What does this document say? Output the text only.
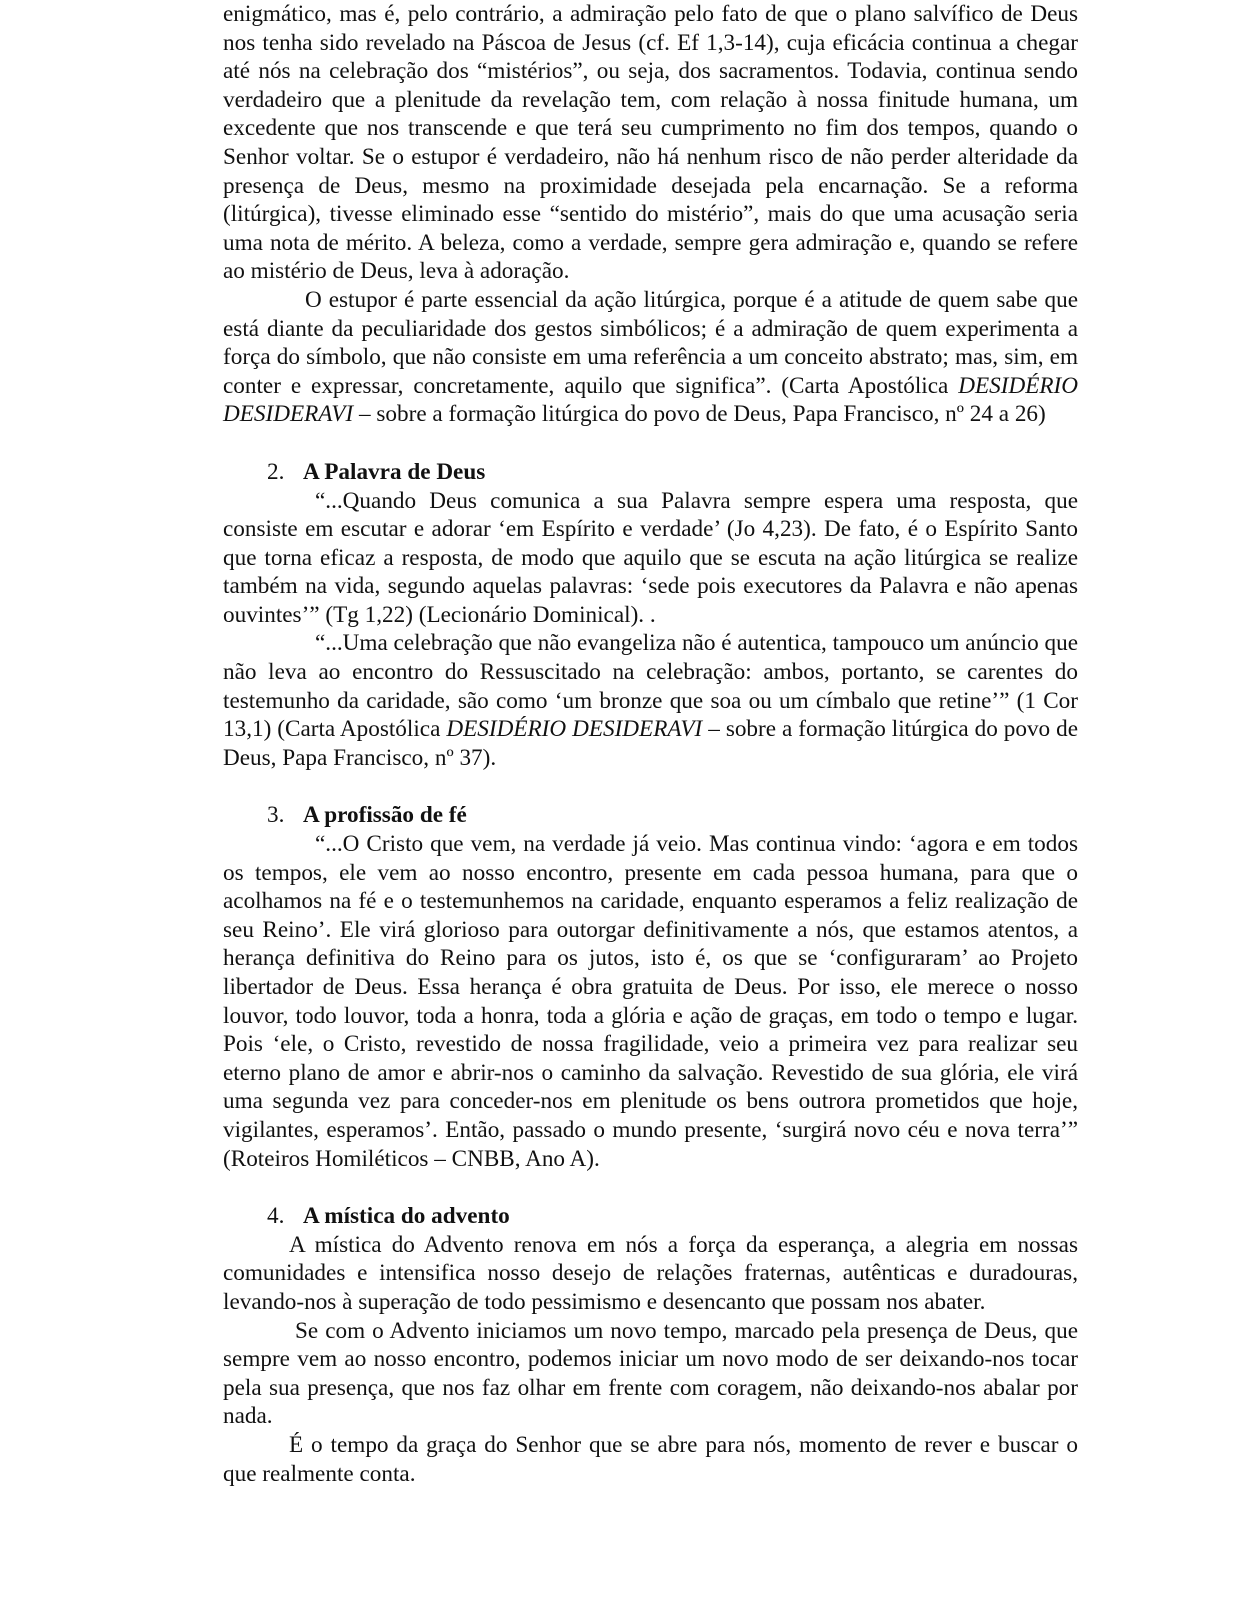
enigmático, mas é, pelo contrário, a admiração pelo fato de que o plano salvífico de Deus nos tenha sido revelado na Páscoa de Jesus (cf. Ef 1,3-14), cuja eficácia continua a chegar até nós na celebração dos “mistérios”, ou seja, dos sacramentos. Todavia, continua sendo verdadeiro que a plenitude da revelação tem, com relação à nossa finitude humana, um excedente que nos transcende e que terá seu cumprimento no fim dos tempos, quando o Senhor voltar. Se o estupor é verdadeiro, não há nenhum risco de não perder alteridade da presença de Deus, mesmo na proximidade desejada pela encarnação. Se a reforma (litúrgica), tivesse eliminado esse “sentido do mistério”, mais do que uma acusação seria uma nota de mérito. A beleza, como a verdade, sempre gera admiração e, quando se refere ao mistério de Deus, leva à adoração.

O estupor é parte essencial da ação litúrgica, porque é a atitude de quem sabe que está diante da peculiaridade dos gestos simbólicos; é a admiração de quem experimenta a força do símbolo, que não consiste em uma referência a um conceito abstrato; mas, sim, em conter e expressar, concretamente, aquilo que significa”. (Carta Apostólica DESIDÉRIO DESIDERAVI – sobre a formação litúrgica do povo de Deus, Papa Francisco, nº 24 a 26)

2. A Palavra de Deus

“...Quando Deus comunica a sua Palavra sempre espera uma resposta, que consiste em escutar e adorar ‘em Espírito e verdade’ (Jo 4,23). De fato, é o Espírito Santo que torna eficaz a resposta, de modo que aquilo que se escuta na ação litúrgica se realize também na vida, segundo aquelas palavras: ‘sede pois executores da Palavra e não apenas ouvintes’” (Tg 1,22) (Lecionário Dominical). .

“...Uma celebração que não evangeliza não é autentica, tampouco um anúncio que não leva ao encontro do Ressuscitado na celebração: ambos, portanto, se carentes do testemunho da caridade, são como ‘um bronze que soa ou um címbalo que retine’” (1 Cor 13,1) (Carta Apostólica DESIDÉRIO DESIDERAVI – sobre a formação litúrgica do povo de Deus, Papa Francisco, nº 37).

3. A profissão de fé

“...O Cristo que vem, na verdade já veio. Mas continua vindo: ‘agora e em todos os tempos, ele vem ao nosso encontro, presente em cada pessoa humana, para que o acolhamos na fé e o testemunhemos na caridade, enquanto esperamos a feliz realização de seu Reino’. Ele virá glorioso para outorgar definitivamente a nós, que estamos atentos, a herança definitiva do Reino para os jutos, isto é, os que se ‘configuraram’ ao Projeto libertador de Deus. Essa herança é obra gratuita de Deus. Por isso, ele merece o nosso louvor, todo louvor, toda a honra, toda a glória e ação de graças, em todo o tempo e lugar. Pois ‘ele, o Cristo, revestido de nossa fragilidade, veio a primeira vez para realizar seu eterno plano de amor e abrir-nos o caminho da salvação. Revestido de sua glória, ele virá uma segunda vez para conceder-nos em plenitude os bens outrora prometidos que hoje, vigilantes, esperamos’. Então, passado o mundo presente, ‘surgirá novo céu e nova terra’” (Roteiros Homiléticos – CNBB, Ano A).

4. A mística do advento

A mística do Advento renova em nós a força da esperança, a alegria em nossas comunidades e intensifica nosso desejo de relações fraternas, autênticas e duradouras, levando-nos à superação de todo pessimismo e desencanto que possam nos abater.

Se com o Advento iniciamos um novo tempo, marcado pela presença de Deus, que sempre vem ao nosso encontro, podemos iniciar um novo modo de ser deixando-nos tocar pela sua presença, que nos faz olhar em frente com coragem, não deixando-nos abalar por nada.

É o tempo da graça do Senhor que se abre para nós, momento de rever e buscar o que realmente conta.
